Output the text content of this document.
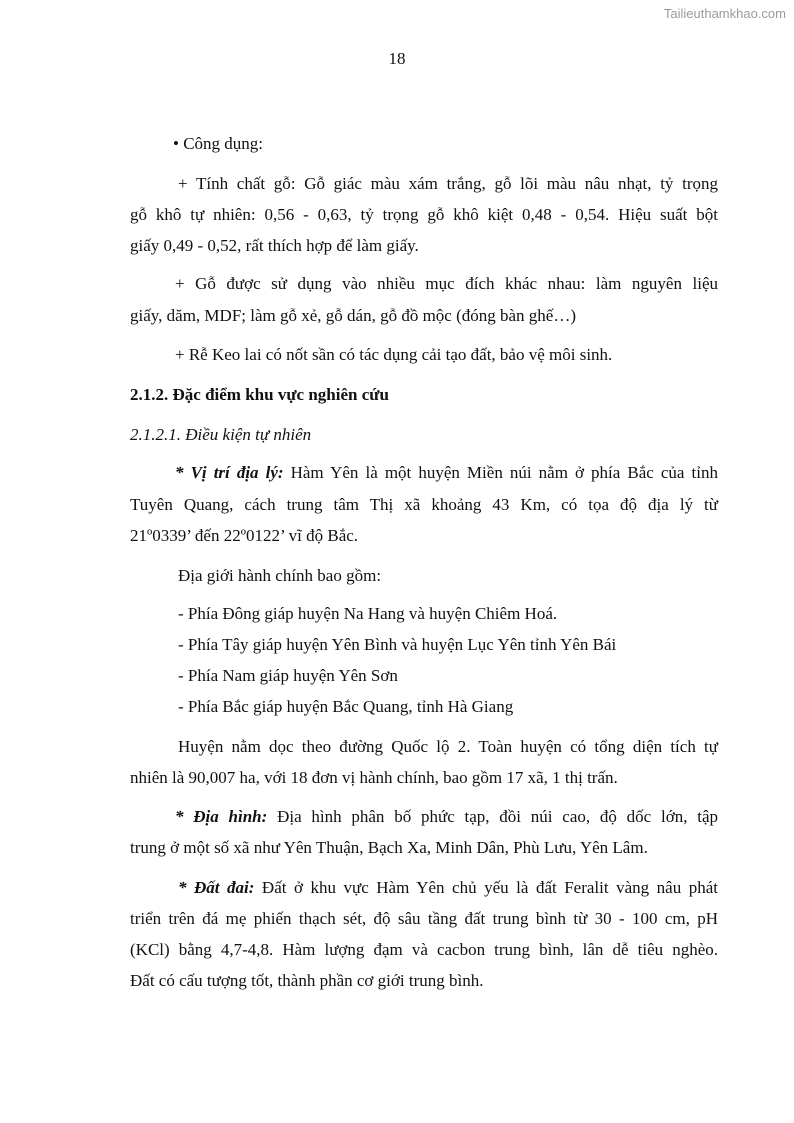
Tailieuthamkhao.com
18
• Công dụng:
+ Tính chất gỗ: Gỗ giác màu xám trắng, gỗ lõi màu nâu nhạt, tỷ trọng
gỗ khô tự nhiên: 0,56 - 0,63, tỷ trọng gỗ khô kiệt 0,48 - 0,54. Hiệu suất bột
giấy 0,49 - 0,52, rất thích hợp để làm giấy.
+ Gỗ được sử dụng vào nhiều mục đích khác nhau: làm nguyên liệu
giấy, dăm, MDF; làm gỗ xẻ, gỗ dán, gỗ đồ mộc (đóng bàn ghế…)
+ Rễ Keo lai có nốt sần có tác dụng cải tạo đất, bảo vệ môi sinh.
2.1.2. Đặc điểm khu vực nghiên cứu
2.1.2.1. Điều kiện tự nhiên
* Vị trí địa lý: Hàm Yên là một huyện Miền núi nằm ở phía Bắc của tỉnh
Tuyên Quang, cách trung tâm Thị xã khoảng 43 Km, có tọa độ địa lý từ
21º0339’ đến 22º0122’ vĩ độ Bắc.
Địa giới hành chính bao gồm:
- Phía Đông giáp huyện Na Hang và huyện Chiêm Hoá.
- Phía Tây giáp huyện Yên Bình và huyện Lục Yên tỉnh Yên Bái
- Phía Nam giáp huyện Yên Sơn
- Phía Bắc giáp huyện Bắc Quang, tỉnh Hà Giang
Huyện nằm dọc theo đường Quốc lộ 2. Toàn huyện có tổng diện tích tự
nhiên là 90,007 ha, với 18 đơn vị hành chính, bao gồm 17 xã, 1 thị trấn.
* Địa hình: Địa hình phân bố phức tạp, đồi núi cao, độ dốc lớn, tập
trung ở một số xã như Yên Thuận, Bạch Xa, Minh Dân, Phù Lưu, Yên Lâm.
* Đất đai: Đất ở khu vực Hàm Yên chủ yếu là đất Feralit vàng nâu phát
triển trên đá mẹ phiến thạch sét, độ sâu tầng đất trung bình từ 30 - 100 cm, pH
(KCl) bằng 4,7-4,8. Hàm lượng đạm và cacbon trung bình, lân dễ tiêu nghèo.
Đất có cấu tượng tốt, thành phần cơ giới trung bình.
